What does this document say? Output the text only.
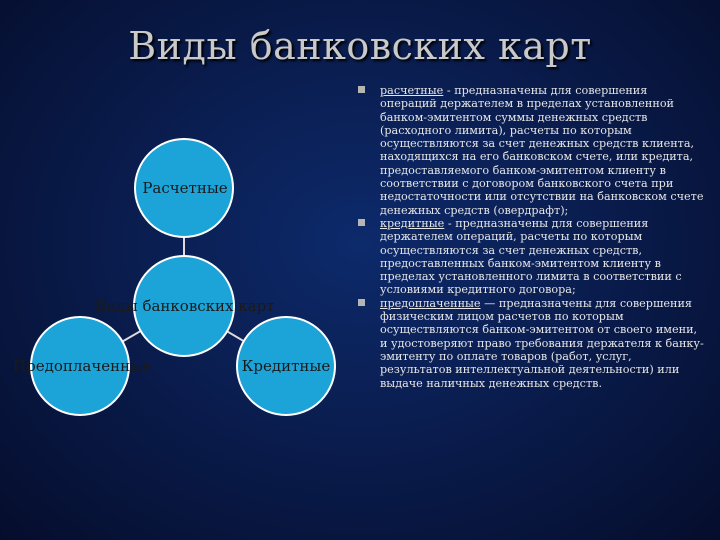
Виды банковских карт
Расчетные
Виды банковских карт
Предоплаченные	Кредитные
расчетные - предназначены для совершения операций держателем в пределах установленной банком-эмитентом суммы денежных средств (расходного лимита), расчеты по которым осуществляются за счет денежных средств клиента, находящихся на его банковском счете, или кредита, предоставляемого банком-эмитентом клиенту в соответствии с договором банковского счета при недостаточности или отсутствии на банковском счете денежных средств (овердрафт);
кредитные - предназначены для совершения держателем операций, расчеты по которым осуществляются за счет денежных средств, предоставленных банком-эмитентом клиенту в пределах установленного лимита в соответствии с условиями кредитного договора;
предоплаченные — предназначены для совершения физическим лицом расчетов по которым осуществляются банком-эмитентом от своего имени, и удостоверяют право требования держателя к банку-эмитенту по оплате товаров (работ, услуг, результатов интеллектуальной деятельности) или выдаче наличных денежных средств.
